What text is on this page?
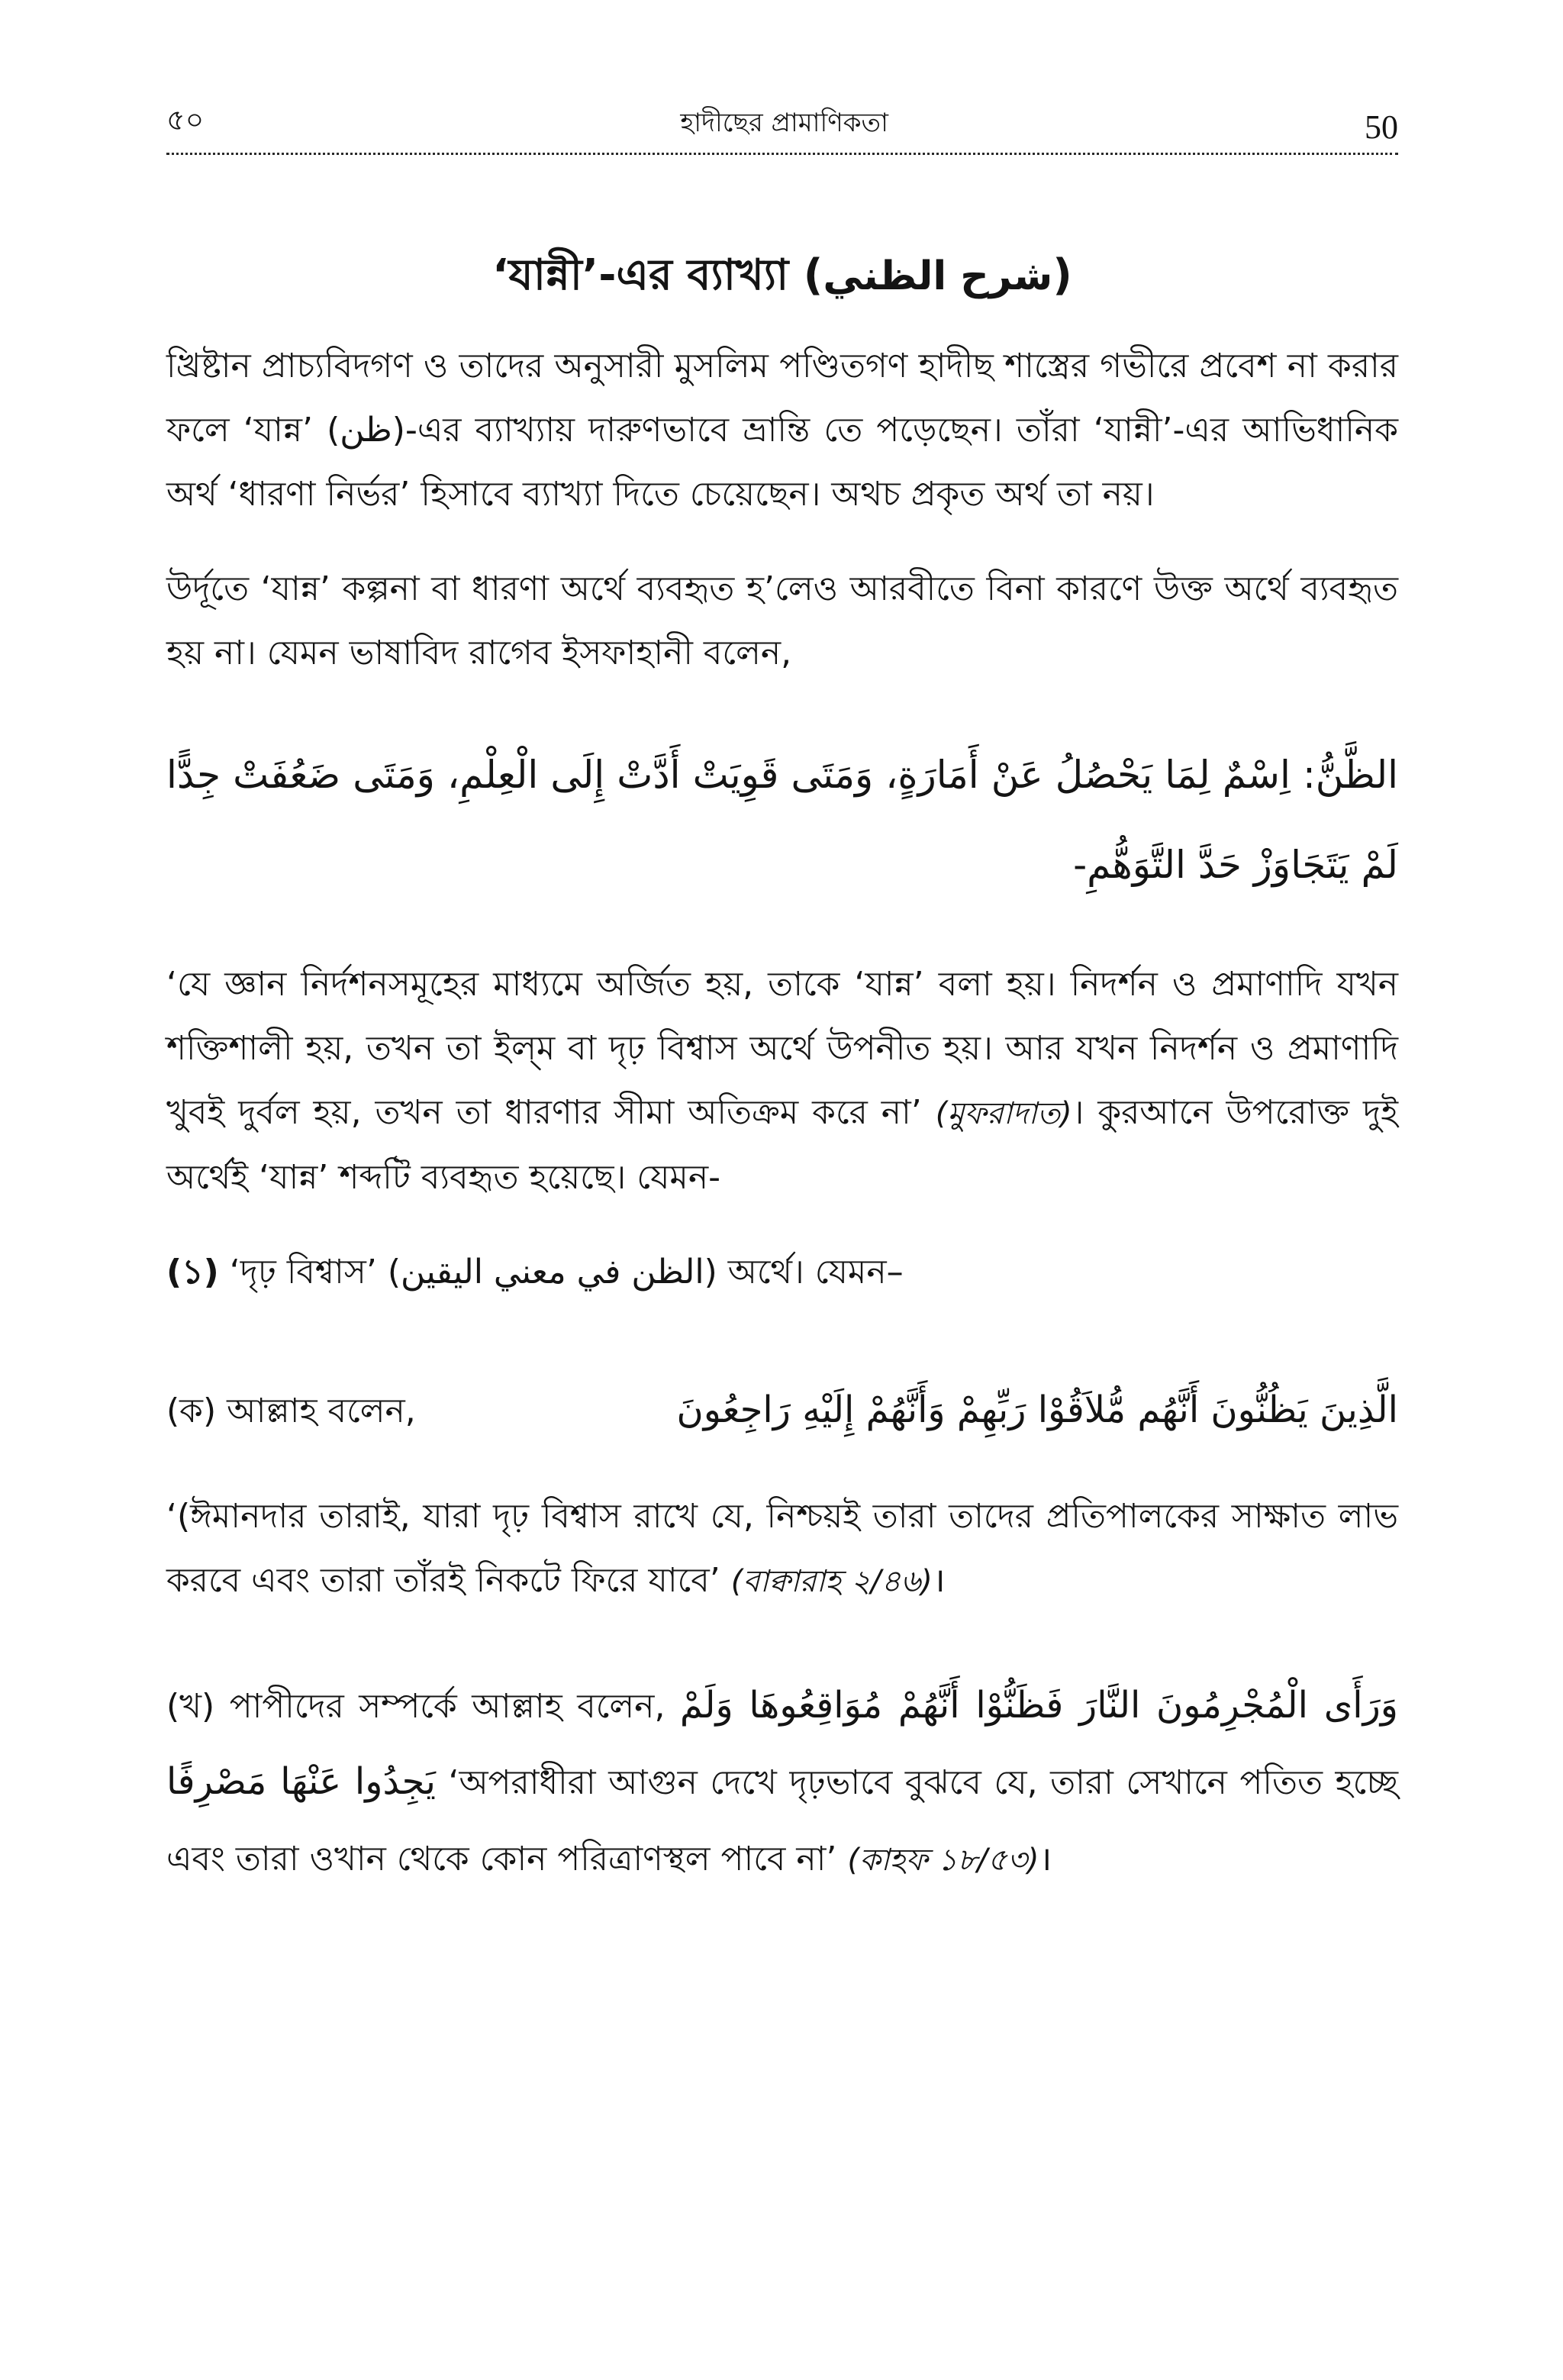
৫০	হাদীছের প্রামাণিকতা	50
‘যান্নী’-এর ব্যাখ্যা (شرح الظني)

খ্রিষ্টান প্রাচ্যবিদগণ ও তাদের অনুসারী মুসলিম পণ্ডিতগণ হাদীছ শাস্ত্রের গভীরে প্রবেশ না করার ফলে ‘যান্ন’ (ظن)-এর ব্যাখ্যায় দারুণভাবে ভ্রান্তি তে পড়েছেন। তাঁরা ‘যান্নী’-এর আভিধানিক অর্থ ‘ধারণা নির্ভর’ হিসাবে ব্যাখ্যা দিতে চেয়েছেন। অথচ প্রকৃত অর্থ তা নয়।

উর্দূতে ‘যান্ন’ কল্পনা বা ধারণা অর্থে ব্যবহৃত হ’লেও আরবীতে বিনা কারণে উক্ত অর্থে ব্যবহৃত হয় না। যেমন ভাষাবিদ রাগেব ইসফাহানী বলেন,

الظَّنُّ: اِسْمٌ لِمَا يَحْصُلُ عَنْ أَمَارَةٍ، وَمَتَى قَوِيَتْ أَدَّتْ إِلَى الْعِلْمِ، وَمَتَى ضَعُفَتْ جِدًّا لَمْ يَتَجَاوَزْ حَدَّ التَّوَهُّمِ-

‘যে জ্ঞান নির্দশনসমূহের মাধ্যমে অর্জিত হয়, তাকে ‘যান্ন’ বলা হয়। নিদর্শন ও প্রমাণাদি যখন শক্তিশালী হয়, তখন তা ইল্‌ম বা দৃঢ় বিশ্বাস অর্থে উপনীত হয়। আর যখন নিদর্শন ও প্রমাণাদি খুবই দুর্বল হয়, তখন তা ধারণার সীমা অতিক্রম করে না’ (মুফরাদাত)। কুরআনে উপরোক্ত দুই অর্থেই ‘যান্ন’ শব্দটি ব্যবহৃত হয়েছে। যেমন-

(১) ‘দৃঢ় বিশ্বাস’ (الظن في معني اليقين) অর্থে। যেমন–

(ক) আল্লাহ বলেন,	الَّذِينَ يَظُنُّونَ أَنَّهُم مُّلاَقُوْا رَبِّهِمْ وَأَنَّهُمْ إِلَيْهِ رَاجِعُونَ

‘(ঈমানদার তারাই, যারা দৃঢ় বিশ্বাস রাখে যে, নিশ্চয়ই তারা তাদের প্রতিপালকের সাক্ষাত লাভ করবে এবং তারা তাঁরই নিকটে ফিরে যাবে’ (বাক্বারাহ ২/৪৬)।

(খ) পাপীদের সম্পর্কে আল্লাহ বলেন, وَرَأَى الْمُجْرِمُونَ النَّارَ فَظَنُّوْا أَنَّهُمْ مُوَاقِعُوهَا وَلَمْ يَجِدُوا عَنْهَا مَصْرِفًا ‘অপরাধীরা আগুন দেখে দৃঢ়ভাবে বুঝবে যে, তারা সেখানে পতিত হচ্ছে এবং তারা ওখান থেকে কোন পরিত্রাণস্থল পাবে না’ (কাহফ ১৮/৫৩)।
